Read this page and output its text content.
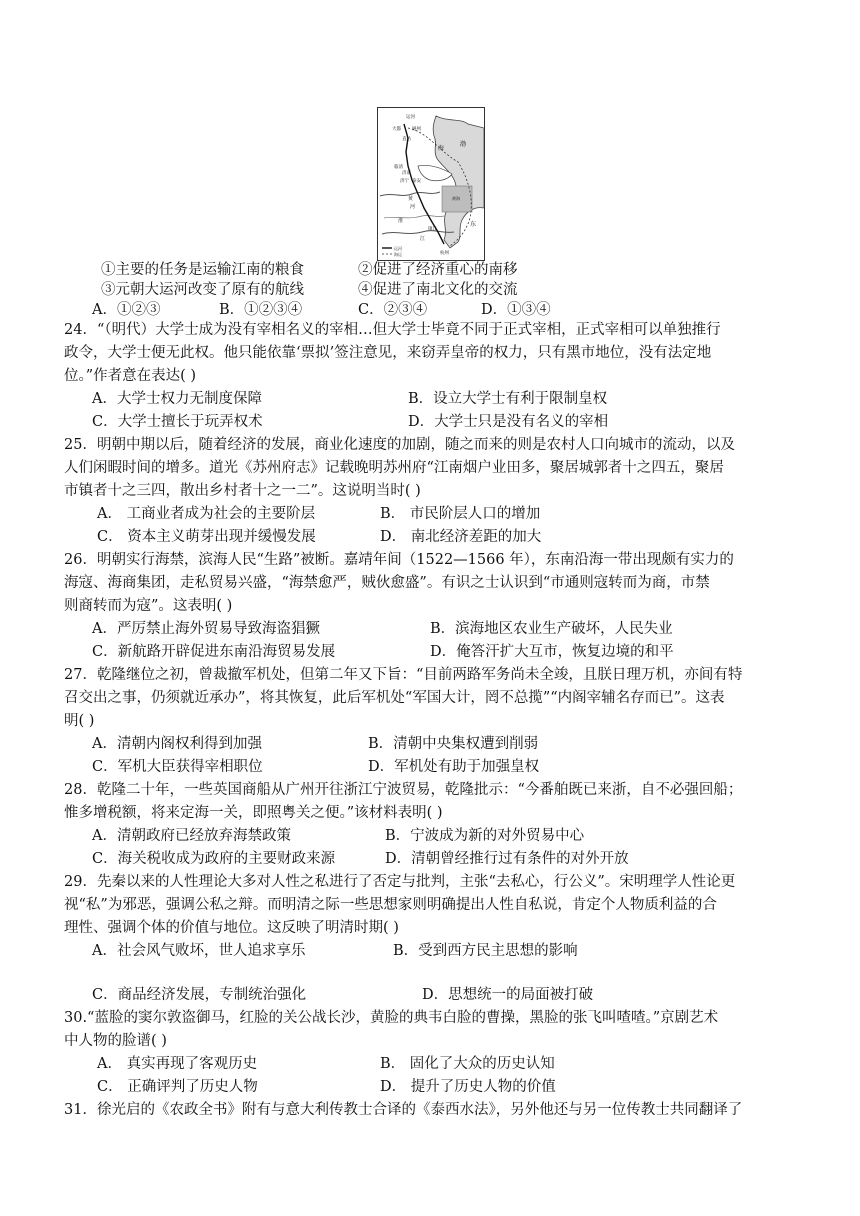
运河
大都 通州
直沽
渤
海
临清
济南
济宁 泰安
黄
河
黄海
淮
镇江
江
东
杭州
运河
海运
①主要的任务是运输江南的粮食	②促进了经济重心的南移
③元朝大运河改变了原有的航线	④促进了南北文化的交流
A．①②③	B．①②③④	C．②③④	D．①③④
24．“（明代）大学士成为没有宰相名义的宰相…但大学士毕竟不同于正式宰相，正式宰相可以单独推行
政令，大学士便无此权。他只能依靠‘票拟’签注意见，来窃弄皇帝的权力，只有黑市地位，没有法定地
位。”作者意在表达( )
A．大学士权力无制度保障	B．设立大学士有利于限制皇权
C．大学士擅长于玩弄权术	D．大学士只是没有名义的宰相
25．明朝中期以后，随着经济的发展，商业化速度的加剧，随之而来的则是农村人口向城市的流动，以及
人们闲暇时间的增多。道光《苏州府志》记载晚明苏州府“江南烟户业田多，聚居城郭者十之四五，聚居
市镇者十之三四，散出乡村者十之一二”。这说明当时( )
A． 工商业者成为社会的主要阶层	B． 市民阶层人口的增加
C． 资本主义萌芽出现并缓慢发展	D． 南北经济差距的加大
26．明朝实行海禁，滨海人民“生路”被断。嘉靖年间（1522—1566 年），东南沿海一带出现颇有实力的
海寇、海商集团，走私贸易兴盛，“海禁愈严，贼伙愈盛”。有识之士认识到“市通则寇转而为商，市禁
则商转而为寇”。这表明( )
A．严厉禁止海外贸易导致海盗猖獗	B．滨海地区农业生产破坏，人民失业
C．新航路开辟促进东南沿海贸易发展	D．俺答汗扩大互市，恢复边境的和平
27．乾隆继位之初，曾裁撤军机处，但第二年又下旨：“目前两路军务尚未全竣，且朕日理万机，亦间有特
召交出之事，仍须就近承办”，将其恢复，此后军机处“军国大计，罔不总揽”“内阁宰辅名存而已”。这表
明( )
A．清朝内阁权利得到加强	B．清朝中央集权遭到削弱
C．军机大臣获得宰相职位	D．军机处有助于加强皇权
28．乾隆二十年，一些英国商船从广州开往浙江宁波贸易，乾隆批示：“今番舶既已来浙，自不必强回船；
惟多增税额，将来定海一关，即照粤关之便。”该材料表明( )
A．清朝政府已经放弃海禁政策	B．宁波成为新的对外贸易中心
C．海关税收成为政府的主要财政来源	D．清朝曾经推行过有条件的对外开放
29．先秦以来的人性理论大多对人性之私进行了否定与批判，主张“去私心，行公义”。宋明理学人性论更
视“私”为邪恶，强调公私之辩。而明清之际一些思想家则明确提出人性自私说，肯定个人物质利益的合
理性、强调个体的价值与地位。这反映了明清时期( )
A．社会风气败坏，世人追求享乐	B．受到西方民主思想的影响
C．商品经济发展，专制统治强化	D．思想统一的局面被打破
30.“蓝脸的窦尔敦盗御马，红脸的关公战长沙，黄脸的典韦白脸的曹操，黑脸的张飞叫喳喳。”京剧艺术
中人物的脸谱( )
A． 真实再现了客观历史	B． 固化了大众的历史认知
C． 正确评判了历史人物	D． 提升了历史人物的价值
31．徐光启的《农政全书》附有与意大利传教士合译的《泰西水法》，另外他还与另一位传教士共同翻译了
